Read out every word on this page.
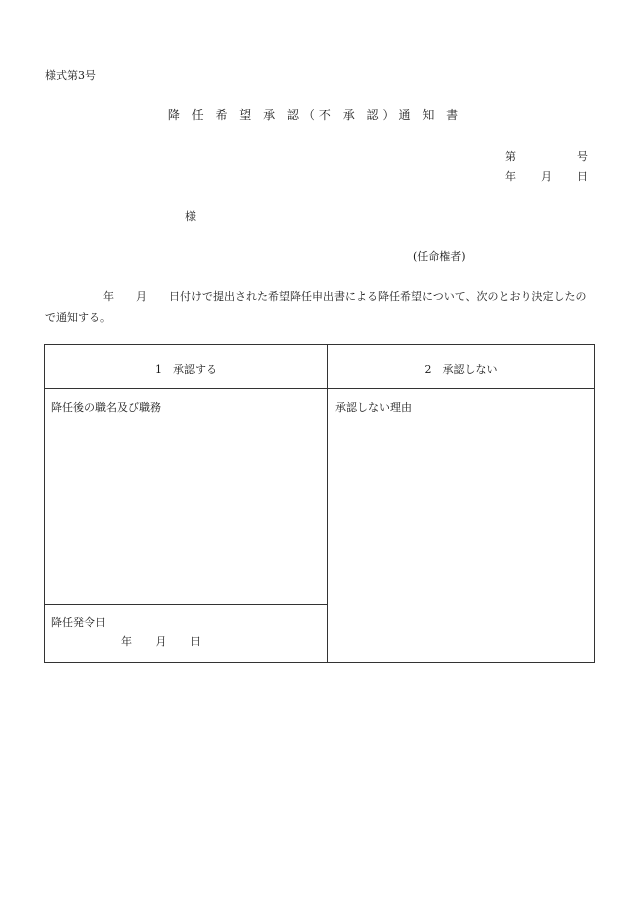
様式第3号
降 任 希 望 承 認（不 承 認）通 知 書
第	号
年 月 日
様
(任命権者)
年 月 日付けで提出された希望降任申出書による降任希望について、次のとおり決定したので通知する。
1　承認する	2　承認しない
降任後の職名及び職務	承認しない理由
降任発令日
年 月 日
